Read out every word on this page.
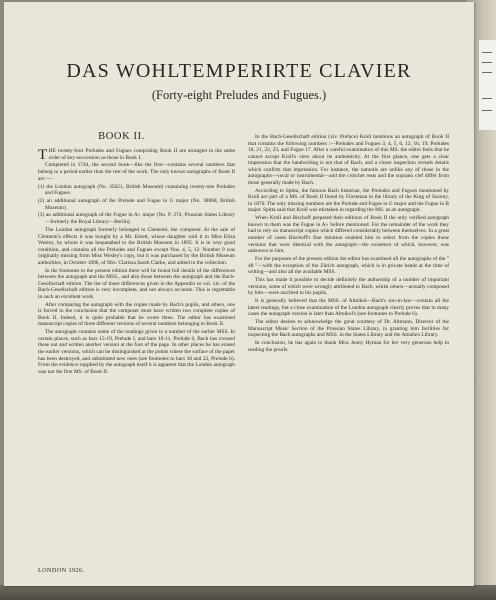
DAS WOHLTEMPERIRTE CLAVIER
(Forty-eight Preludes and Fugues.)
BOOK II.

THE twenty-four Preludes and Fugues comprising Book II are arranged in the same order of key-succession as those in Book I.

Completed in 1744, the second book—like the first—contains several numbers that belong to a period earlier than the rest of the work. The only known autographs of Book II are :—

(1) the London autograph (No. 35021, British Museum) containing twenty-one Preludes and Fugues.

(2) an additional autograph of the Prelude and Fugue in G major (No. 38068, British Museum).

(3) an additional autograph of the Fugue in A♭ major (No. P. 274, Prussian States Library—formerly the Royal Library—Berlin).

The London autograph formerly belonged to Clementi, the composer. At the sale of Clementi's effects it was bought by a Mr. Emett, whose daughter sold it to Miss Eliza Wesley, by whom it was bequeathed to the British Museum in 1895. It is in very good condition, and contains all the Preludes and Fugues except Nos. 4, 5, 12. Number 9 was originally missing from Miss Wesley's copy, but it was purchased by the British Museum authorities, in October 1896, of Mrs. Clarissa Sarah Clarke, and added to the collection.

In the footnotes to the present edition there will be found full details of the differences between the autograph and the MSS., and also those between the autograph and the Bach-Gesellschaft edition. The list of these differences given in the Appendix to vol. xiv. of the Bach-Gesellschaft edition is very incomplete, and not always accurate. This is regrettable in such an excellent work.

After comparing the autograph with the copies made by Bach's pupils, and others, one is forced to the conclusion that the composer must have written two complete copies of Book II. Indeed, it is quite probable that he wrote three. The editor has examined manuscript copies of three different versions of several numbers belonging to Book II.

The autograph contains some of the readings given in a number of the earlier MSS. In certain places, such as bars 15-19, Prelude I, and bars 10-11, Prelude 6, Bach has crossed these out and written another version at the foot of the page. In other places he has erased the earlier versions, which can be distinguished at the points where the surface of the paper has been destroyed, and substituted new ones (see footnotes to bars 18 and 22, Prelude 6). From the evidence supplied by the autograph itself it is apparent that the London autograph was not the first MS. of Book II.

In the Bach-Gesellschaft edition (xiv. Preface) Kroll mentions an autograph of Book II that contains the following numbers :—Preludes and Fugues 3, 4, 5, 6, 12, 16, 19; Preludes 18, 21, 22, 23, and Fugue 17. After a careful examination of this MS. the editor feels that he cannot accept Kroll's view about its authenticity. At the first glance, one gets a clear impression that the handwriting is not that of Bach, and a closer inspection reveals details which confirm that impression. For instance, the naturals are unlike any of those in the autographs—vocal or instrumental—and the crotchet rests and the soprano clef differ from those generally made by Bach.

According to Spitta, the famous Bach historian, the Preludes and Fugues mentioned by Kroll are part of a MS. of Book II found by Fürstenau in the library of the King of Saxony, in 1876. The only missing numbers are the Prelude and Fugue in G major and the Fugue in B major. Spitta said that Kroll was mistaken in regarding the MS. as an autograph.

When Kroll and Bischoff prepared their editions of Book II the only verified autograph known to them was the Fugue in A♭ before mentioned. For the remainder of the work they had to rely on manuscript copies which differed considerably between themselves. In a great number of cases Bischoff's fine intuition enabled him to select from the copies those versions that were identical with the autograph—the existence of which, however, was unknown to him.

For the purposes of the present edition the editor has examined all the autographs of the " 48 "—with the exception of the Zürich autograph, which is in private hands at the time of writing—and also all the available MSS.

This has made it possible to decide definitely the authorship of a number of important versions, some of which were wrongly attributed to Bach, whilst others—actually composed by him—were ascribed to his pupils.

It is generally believed that the MSS. of Altnikol—Bach's son-in-law—contain all the latest readings, but a close examination of the London autograph clearly proves that in many cases the autograph version is later than Altnikol's (see footnotes to Prelude 6).

The editor desires to acknowledge the great courtesy of Dr. Altmann, Director of the Manuscript Music Section of the Prussian States Library, in granting him facilities for inspecting the Bach autographs and MSS. in the States Library and the Amalien Library.

In conclusion, he has again to thank Miss Jenny Hyman for her very generous help in reading the proofs.

LONDON 1926.
